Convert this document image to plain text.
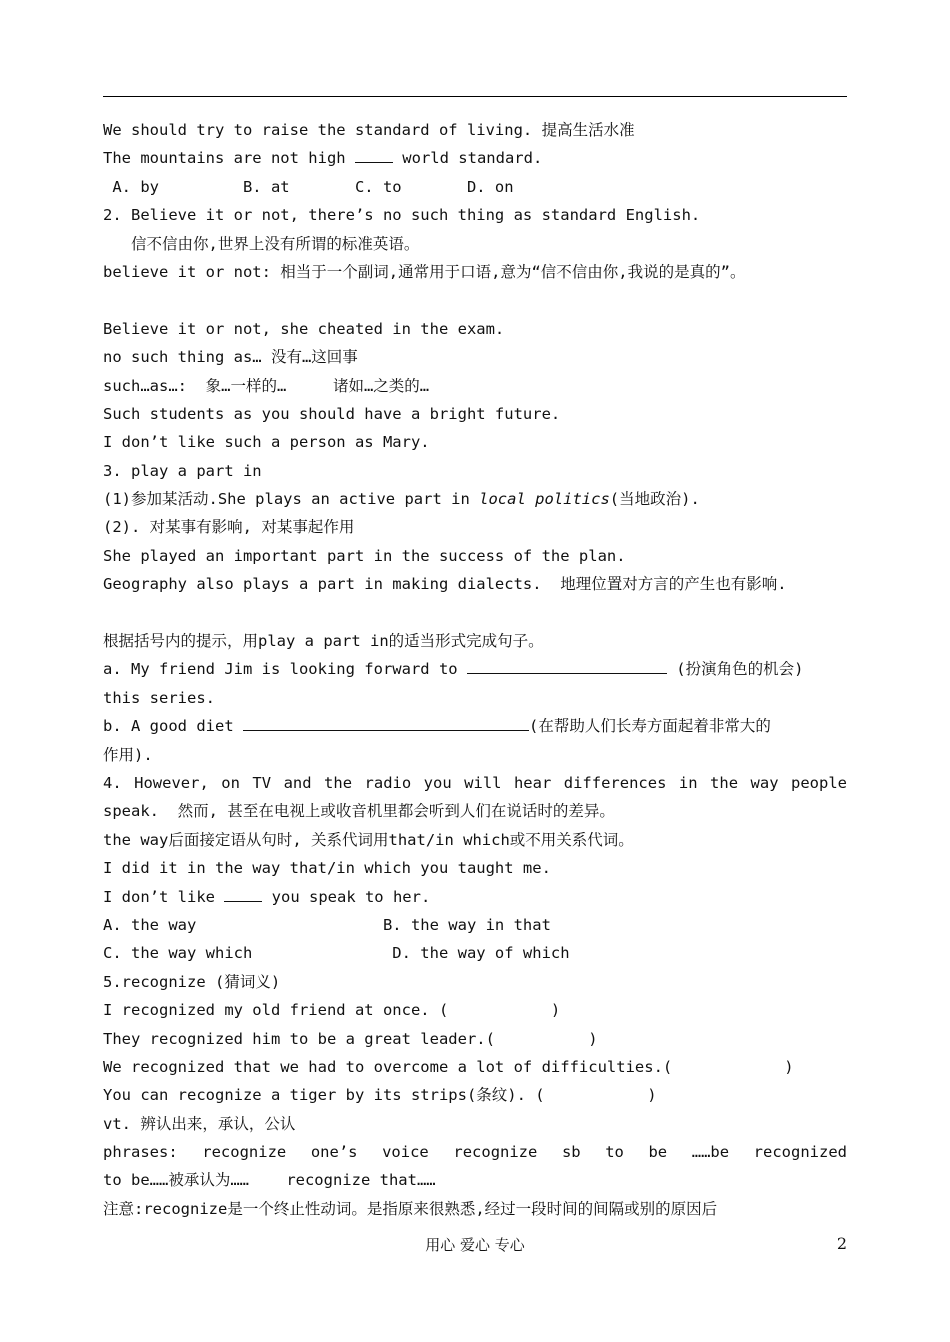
We should try to raise the standard of living. 提高生活水准
The mountains are not high  world standard.
A. by         B. at       C. to       D. on
2. Believe it or not, there’s no such thing as standard English.
信不信由你,世界上没有所谓的标准英语。
believe it or not: 相当于一个副词,通常用于口语,意为“信不信由你,我说的是真的”。
Believe it or not, she cheated in the exam.
no such thing as… 没有…这回事
such…as…:  象…一样的…     诸如…之类的…
Such students as you should have a bright future.
I don’t like such a person as Mary.
3. play a part in
(1)参加某活动.She plays an active part in local politics(当地政治).
(2). 对某事有影响, 对某事起作用
She played an important part in the success of the plan.
Geography also plays a part in making dialects.  地理位置对方言的产生也有影响.
根据括号内的提示，用play a part in的适当形式完成句子。
a. My friend Jim is looking forward to	(扮演角色的机会)
this series.
b. A good diet	(在帮助人们长寿方面起着非常大的
作用).
4. However, on TV and the radio you will hear differences in the way people
speak.  然而, 甚至在电视上或收音机里都会听到人们在说话时的差异。
the way后面接定语从句时, 关系代词用that/in which或不用关系代词。
I did it in the way that/in which you taught me.
I don’t like  you speak to her.
A. the way                    B. the way in that
C. the way which               D. the way of which
5.recognize (猜词义)
I recognized my old friend at once. (           )
They recognized him to be a great leader.(          )
We recognized that we had to overcome a lot of difficulties.(            )
You can recognize a tiger by its strips(条纹). (           )
vt. 辨认出来，承认，公认
phrases: recognize one’s voice recognize sb to be ……be recognized
to be……被承认为……    recognize that……
注意:recognize是一个终止性动词。是指原来很熟悉,经过一段时间的间隔或别的原因后
用心 爱心 专心	2
